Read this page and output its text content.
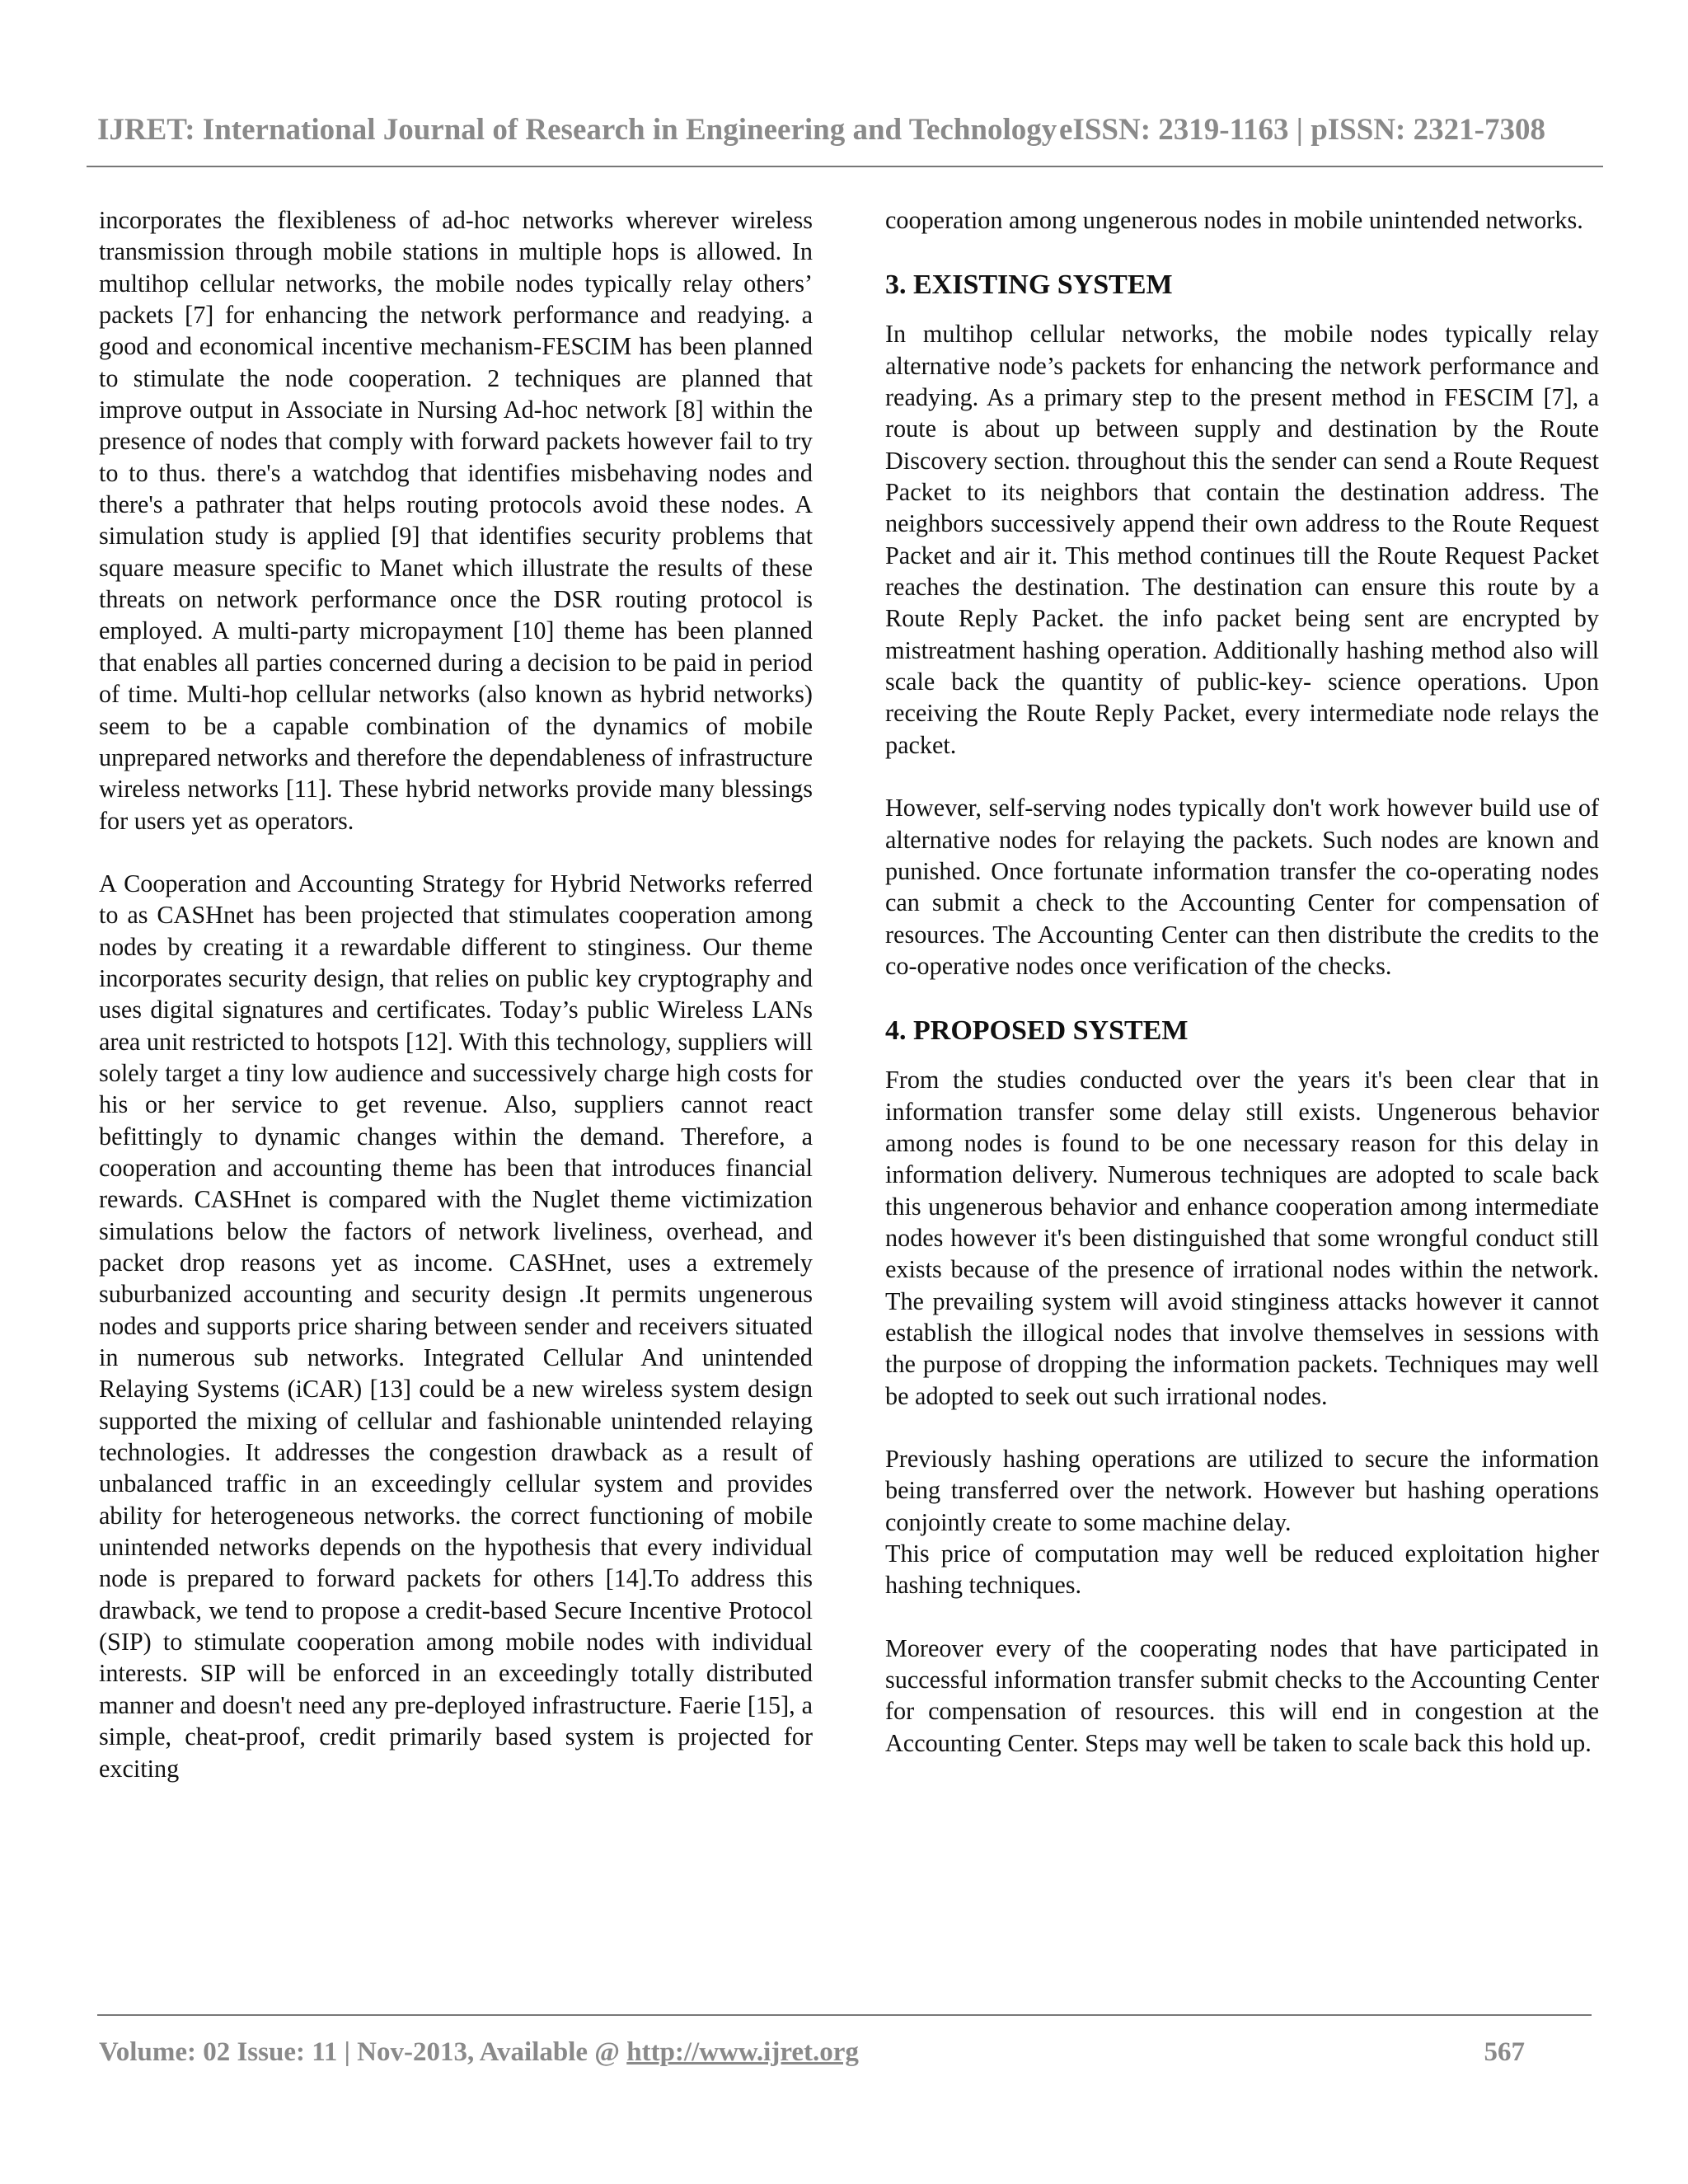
IJRET: International Journal of Research in Engineering and Technology eISSN: 2319-1163 | pISSN: 2321-7308

incorporates the flexibleness of ad-hoc networks wherever wireless transmission through mobile stations in multiple hops is allowed. In multihop cellular networks, the mobile nodes typically relay others’ packets [7] for enhancing the network performance and readying. a good and economical incentive mechanism-FESCIM has been planned to stimulate the node cooperation. 2 techniques are planned that improve output in Associate in Nursing Ad-hoc network [8] within the presence of nodes that comply with forward packets however fail to try to to thus. there's a watchdog that identifies misbehaving nodes and there's a pathrater that helps routing protocols avoid these nodes. A simulation study is applied [9] that identifies security problems that square measure specific to Manet which illustrate the results of these threats on network performance once the DSR routing protocol is employed. A multi-party micropayment [10] theme has been planned that enables all parties concerned during a decision to be paid in period of time. Multi-hop cellular networks (also known as hybrid networks) seem to be a capable combination of the dynamics of mobile unprepared networks and therefore the dependableness of infrastructure wireless networks [11]. These hybrid networks provide many blessings for users yet as operators.

A Cooperation and Accounting Strategy for Hybrid Networks referred to as CASHnet has been projected that stimulates cooperation among nodes by creating it a rewardable different to stinginess. Our theme incorporates security design, that relies on public key cryptography and uses digital signatures and certificates. Today’s public Wireless LANs area unit restricted to hotspots [12]. With this technology, suppliers will solely target a tiny low audience and successively charge high costs for his or her service to get revenue. Also, suppliers cannot react befittingly to dynamic changes within the demand. Therefore, a cooperation and accounting theme has been that introduces financial rewards. CASHnet is compared with the Nuglet theme victimization simulations below the factors of network liveliness, overhead, and packet drop reasons yet as income. CASHnet, uses a extremely suburbanized accounting and security design .It permits ungenerous nodes and supports price sharing between sender and receivers situated in numerous sub networks. Integrated Cellular And unintended Relaying Systems (iCAR) [13] could be a new wireless system design supported the mixing of cellular and fashionable unintended relaying technologies. It addresses the congestion drawback as a result of unbalanced traffic in an exceedingly cellular system and provides ability for heterogeneous networks. the correct functioning of mobile unintended networks depends on the hypothesis that every individual node is prepared to forward packets for others [14].To address this drawback, we tend to propose a credit-based Secure Incentive Protocol (SIP) to stimulate cooperation among mobile nodes with individual interests. SIP will be enforced in an exceedingly totally distributed manner and doesn't need any pre-deployed infrastructure. Faerie [15], a simple, cheat-proof, credit primarily based system is projected for exciting

cooperation among ungenerous nodes in mobile unintended networks.

3. EXISTING SYSTEM

In multihop cellular networks, the mobile nodes typically relay alternative node’s packets for enhancing the network performance and readying. As a primary step to the present method in FESCIM [7], a route is about up between supply and destination by the Route Discovery section. throughout this the sender can send a Route Request Packet to its neighbors that contain the destination address. The neighbors successively append their own address to the Route Request Packet and air it. This method continues till the Route Request Packet reaches the destination. The destination can ensure this route by a Route Reply Packet. the info packet being sent are encrypted by mistreatment hashing operation. Additionally hashing method also will scale back the quantity of public-key- science operations. Upon receiving the Route Reply Packet, every intermediate node relays the packet.

However, self-serving nodes typically don't work however build use of alternative nodes for relaying the packets. Such nodes are known and punished. Once fortunate information transfer the co-operating nodes can submit a check to the Accounting Center for compensation of resources. The Accounting Center can then distribute the credits to the co-operative nodes once verification of the checks.

4. PROPOSED SYSTEM

From the studies conducted over the years it's been clear that in information transfer some delay still exists. Ungenerous behavior among nodes is found to be one necessary reason for this delay in information delivery. Numerous techniques are adopted to scale back this ungenerous behavior and enhance cooperation among intermediate nodes however it's been distinguished that some wrongful conduct still exists because of the presence of irrational nodes within the network. The prevailing system will avoid stinginess attacks however it cannot establish the illogical nodes that involve themselves in sessions with the purpose of dropping the information packets. Techniques may well be adopted to seek out such irrational nodes.

Previously hashing operations are utilized to secure the information being transferred over the network. However but hashing operations conjointly create to some machine delay.

This price of computation may well be reduced exploitation higher hashing techniques.

Moreover every of the cooperating nodes that have participated in successful information transfer submit checks to the Accounting Center for compensation of resources. this will end in congestion at the Accounting Center. Steps may well be taken to scale back this hold up.

Volume: 02 Issue: 11 | Nov-2013, Available @ http://www.ijret.org	567
